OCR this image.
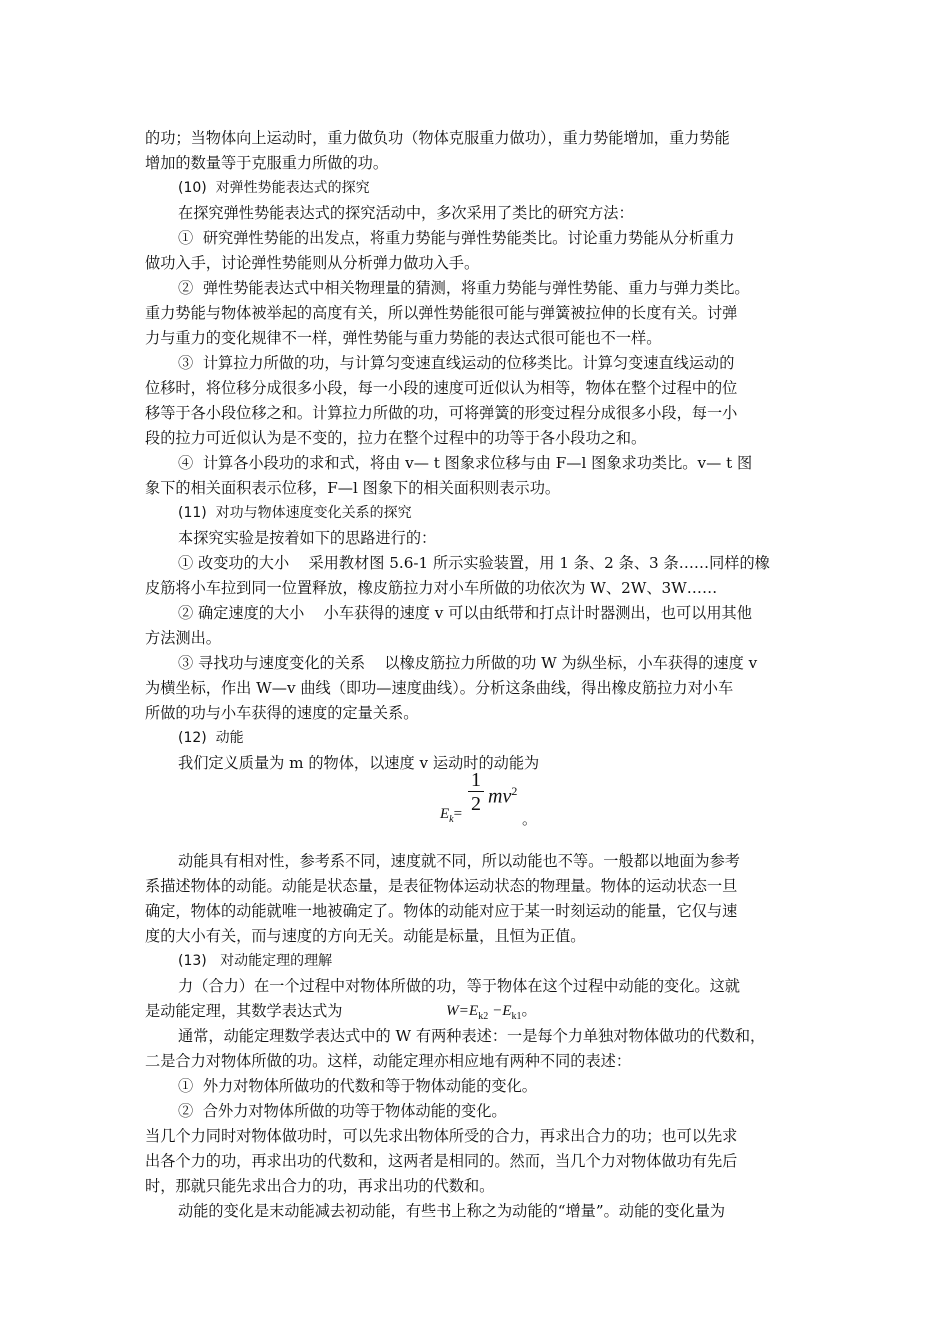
的功；当物体向上运动时，重力做负功（物体克服重力做功），重力势能增加，重力势能
增加的数量等于克服重力所做的功。
(10)  对弹性势能表达式的探究
在探究弹性势能表达式的探究活动中，多次采用了类比的研究方法：
①  研究弹性势能的出发点，将重力势能与弹性势能类比。讨论重力势能从分析重力
做功入手，讨论弹性势能则从分析弹力做功入手。
②  弹性势能表达式中相关物理量的猜测，将重力势能与弹性势能、重力与弹力类比。
重力势能与物体被举起的高度有关，所以弹性势能很可能与弹簧被拉伸的长度有关。讨弹
力与重力的变化规律不一样，弹性势能与重力势能的表达式很可能也不一样。
③  计算拉力所做的功，与计算匀变速直线运动的位移类比。计算匀变速直线运动的
位移时，将位移分成很多小段，每一小段的速度可近似认为相等，物体在整个过程中的位
移等于各小段位移之和。计算拉力所做的功，可将弹簧的形变过程分成很多小段，每一小
段的拉力可近似认为是不变的，拉力在整个过程中的功等于各小段功之和。
④  计算各小段功的求和式，将由 v— t 图象求位移与由 F—l 图象求功类比。v— t 图
象下的相关面积表示位移，F—l 图象下的相关面积则表示功。
(11)  对功与物体速度变化关系的探究
本探究实验是按着如下的思路进行的：
① 改变功的大小    采用教材图 5.6-1 所示实验装置，用 1 条、2 条、3 条……同样的橡
皮筋将小车拉到同一位置释放，橡皮筋拉力对小车所做的功依次为 W、2W、3W……
② 确定速度的大小    小车获得的速度 v 可以由纸带和打点计时器测出，也可以用其他
方法测出。
③ 寻找功与速度变化的关系    以橡皮筋拉力所做的功 W 为纵坐标，小车获得的速度 v
为横坐标，作出 W—v 曲线（即功—速度曲线）。分析这条曲线，得出橡皮筋拉力对小车
所做的功与小车获得的速度的定量关系。
(12)  动能
我们定义质量为 m 的物体，以速度 v 运动时的动能为
动能具有相对性，参考系不同，速度就不同，所以动能也不等。一般都以地面为参考
系描述物体的动能。动能是状态量，是表征物体运动状态的物理量。物体的运动状态一旦
确定，物体的动能就唯一地被确定了。物体的动能对应于某一时刻运动的能量，它仅与速
度的大小有关，而与速度的方向无关。动能是标量，且恒为正值。
(13)   对动能定理的理解
力（合力）在一个过程中对物体所做的功，等于物体在这个过程中动能的变化。这就
是动能定理，其数学表达式为
通常，动能定理数学表达式中的 W 有两种表述：一是每个力单独对物体做功的代数和，
二是合力对物体所做的功。这样，动能定理亦相应地有两种不同的表述：
①  外力对物体所做功的代数和等于物体动能的变化。
②  合外力对物体所做的功等于物体动能的变化。
当几个力同时对物体做功时，可以先求出物体所受的合力，再求出合力的功；也可以先求
出各个力的功，再求出功的代数和，这两者是相同的。然而，当几个力对物体做功有先后
时，那就只能先求出合力的功，再求出功的代数和。
动能的变化是末动能减去初动能，有些书上称之为动能的“增量”。动能的变化量为
$E_k=$
1
2 $mv^2$
。
$W=E_{k2} -E_{k1}$。
